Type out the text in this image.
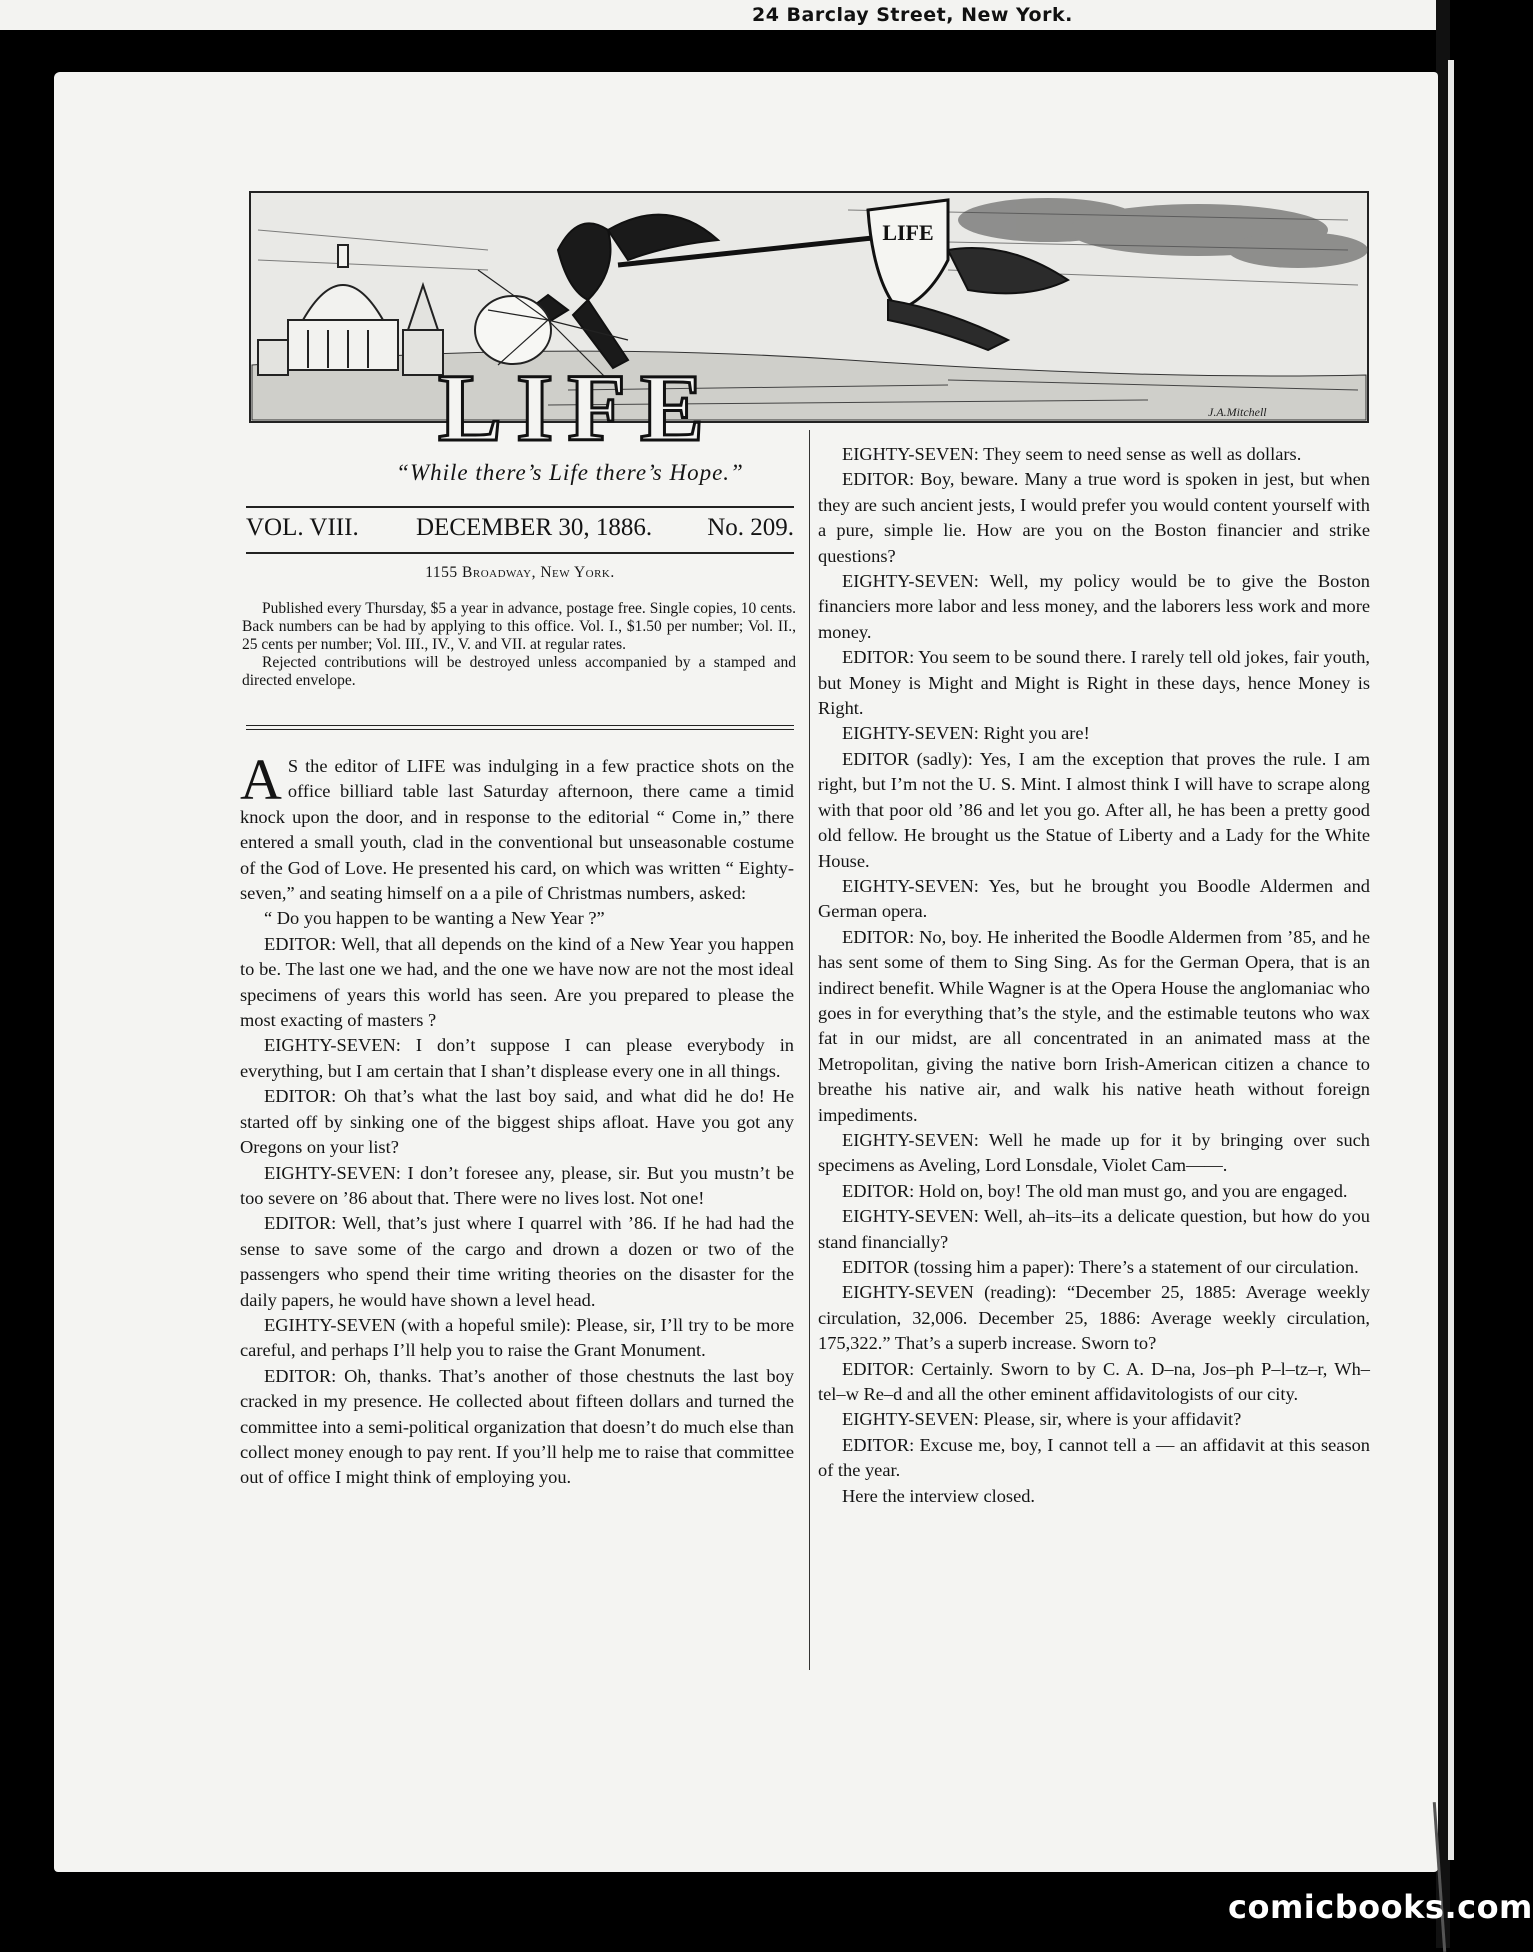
24 Barclay Street, New York.
LIFE
LIFE	J.A.Mitchell
“While there’s Life there’s Hope.”
VOL. VIII. DECEMBER 30, 1886. No. 209.
1155 Broadway, New York.

Published every Thursday, $5 a year in advance, postage free. Single copies, 10 cents. Back numbers can be had by applying to this office. Vol. I., $1.50 per number; Vol. II., 25 cents per number; Vol. III., IV., V. and VII. at regular rates.

Rejected contributions will be destroyed unless accompanied by a stamped and directed envelope.

A S the editor of LIFE was indulging in a few practice shots on the office billiard table last Saturday afternoon, there came a timid knock upon the door, and in response to the editorial “ Come in,” there entered a small youth, clad in the conventional but unseasonable costume of the God of Love. He presented his card, on which was written “ Eighty-seven,” and seating himself on a a pile of Christmas numbers, asked:

“ Do you happen to be wanting a New Year ?”

EDITOR: Well, that all depends on the kind of a New Year you happen to be. The last one we had, and the one we have now are not the most ideal specimens of years this world has seen. Are you prepared to please the most exacting of masters ?

EIGHTY-SEVEN: I don’t suppose I can please everybody in everything, but I am certain that I shan’t displease every one in all things.

EDITOR: Oh that’s what the last boy said, and what did he do! He started off by sinking one of the biggest ships afloat. Have you got any Oregons on your list?

EIGHTY-SEVEN: I don’t foresee any, please, sir. But you mustn’t be too severe on ’86 about that. There were no lives lost. Not one!

EDITOR: Well, that’s just where I quarrel with ’86. If he had had the sense to save some of the cargo and drown a dozen or two of the passengers who spend their time writing theories on the disaster for the daily papers, he would have shown a level head.

EGIHTY-SEVEN (with a hopeful smile): Please, sir, I’ll try to be more careful, and perhaps I’ll help you to raise the Grant Monument.

EDITOR: Oh, thanks. That’s another of those chestnuts the last boy cracked in my presence. He collected about fifteen dollars and turned the committee into a semi-political organization that doesn’t do much else than collect money enough to pay rent. If you’ll help me to raise that committee out of office I might think of employing you.

EIGHTY-SEVEN: They seem to need sense as well as dollars.

EDITOR: Boy, beware. Many a true word is spoken in jest, but when they are such ancient jests, I would prefer you would content yourself with a pure, simple lie. How are you on the Boston financier and strike questions?

EIGHTY-SEVEN: Well, my policy would be to give the Boston financiers more labor and less money, and the laborers less work and more money.

EDITOR: You seem to be sound there. I rarely tell old jokes, fair youth, but Money is Might and Might is Right in these days, hence Money is Right.

EIGHTY-SEVEN: Right you are!

EDITOR (sadly): Yes, I am the exception that proves the rule. I am right, but I’m not the U. S. Mint. I almost think I will have to scrape along with that poor old ’86 and let you go. After all, he has been a pretty good old fellow. He brought us the Statue of Liberty and a Lady for the White House.

EIGHTY-SEVEN: Yes, but he brought you Boodle Aldermen and German opera.

EDITOR: No, boy. He inherited the Boodle Aldermen from ’85, and he has sent some of them to Sing Sing. As for the German Opera, that is an indirect benefit. While Wagner is at the Opera House the anglomaniac who goes in for everything that’s the style, and the estimable teutons who wax fat in our midst, are all concentrated in an animated mass at the Metropolitan, giving the native born Irish-American citizen a chance to breathe his native air, and walk his native heath without foreign impediments.

EIGHTY-SEVEN: Well he made up for it by bringing over such specimens as Aveling, Lord Lonsdale, Violet Cam——.

EDITOR: Hold on, boy! The old man must go, and you are engaged.

EIGHTY-SEVEN: Well, ah–its–its a delicate question, but how do you stand financially?

EDITOR (tossing him a paper): There’s a statement of our circulation.

EIGHTY-SEVEN (reading): “December 25, 1885: Average weekly circulation, 32,006. December 25, 1886: Average weekly circulation, 175,322.” That’s a superb increase. Sworn to?

EDITOR: Certainly. Sworn to by C. A. D–na, Jos–ph P–l–tz–r, Wh–tel–w Re–d and all the other eminent affidavitologists of our city.

EIGHTY-SEVEN: Please, sir, where is your affidavit?

EDITOR: Excuse me, boy, I cannot tell a — an affidavit at this season of the year.

Here the interview closed.

comicbooks.com
